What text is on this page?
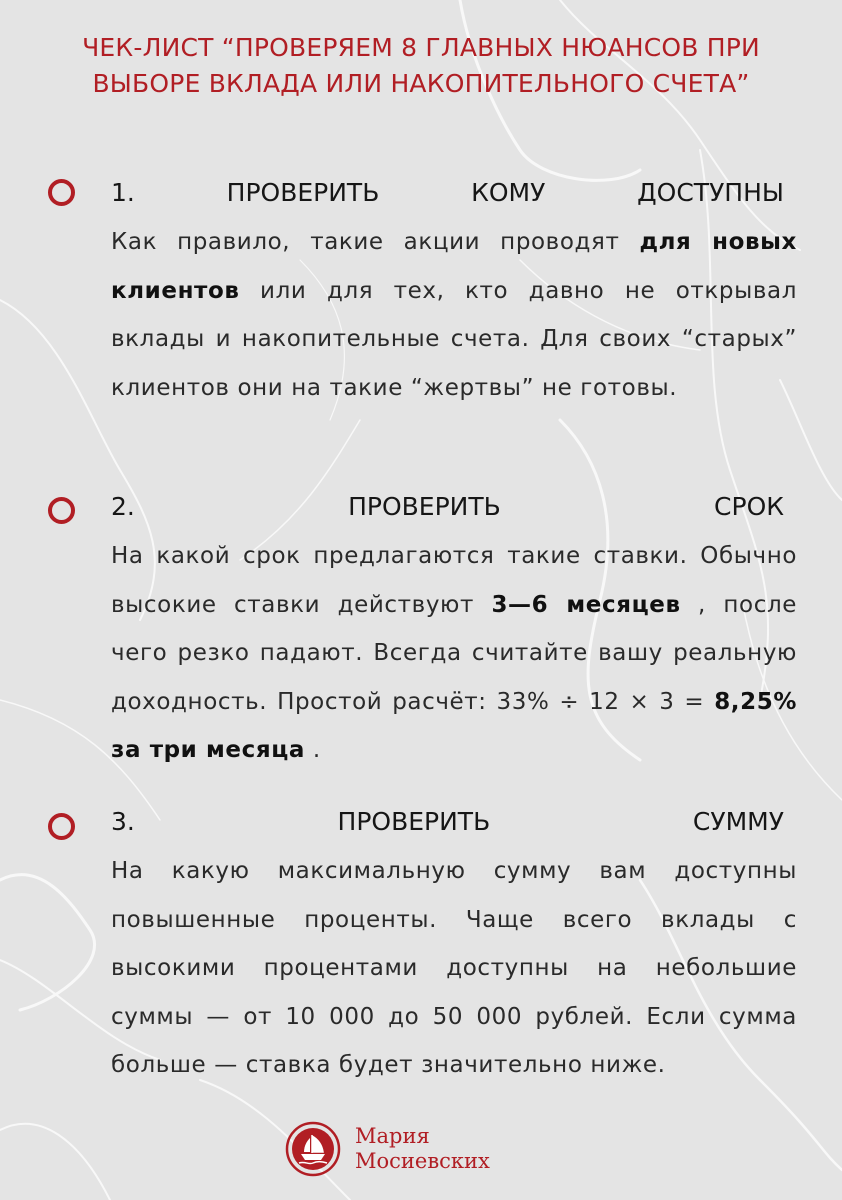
ЧЕК-ЛИСТ “ПРОВЕРЯЕМ 8 ГЛАВНЫХ НЮАНСОВ ПРИ ВЫБОРЕ ВКЛАДА ИЛИ НАКОПИТЕЛЬНОГО СЧЕТА”
1.	ПРОВЕРИТЬ	КОМУ	ДОСТУПНЫ
Как правило, такие акции проводят для новых клиентов или для тех, кто давно не открывал вклады и накопительные счета. Для своих “старых” клиентов они на такие “жертвы” не готовы.
2.	ПРОВЕРИТЬ	СРОК
На какой срок предлагаются такие ставки. Обычно высокие ставки действуют 3—6 месяцев , после чего резко падают. Всегда считайте вашу реальную доходность. Простой расчёт: 33% ÷ 12 × 3 = 8,25% за три месяца .
3.	ПРОВЕРИТЬ	СУММУ
На какую максимальную сумму вам доступны повышенные проценты. Чаще всего вклады с высокими процентами доступны на небольшие суммы — от 10 000 до 50 000 рублей. Если сумма больше — ставка будет значительно ниже.
Мария
Мосиевских
